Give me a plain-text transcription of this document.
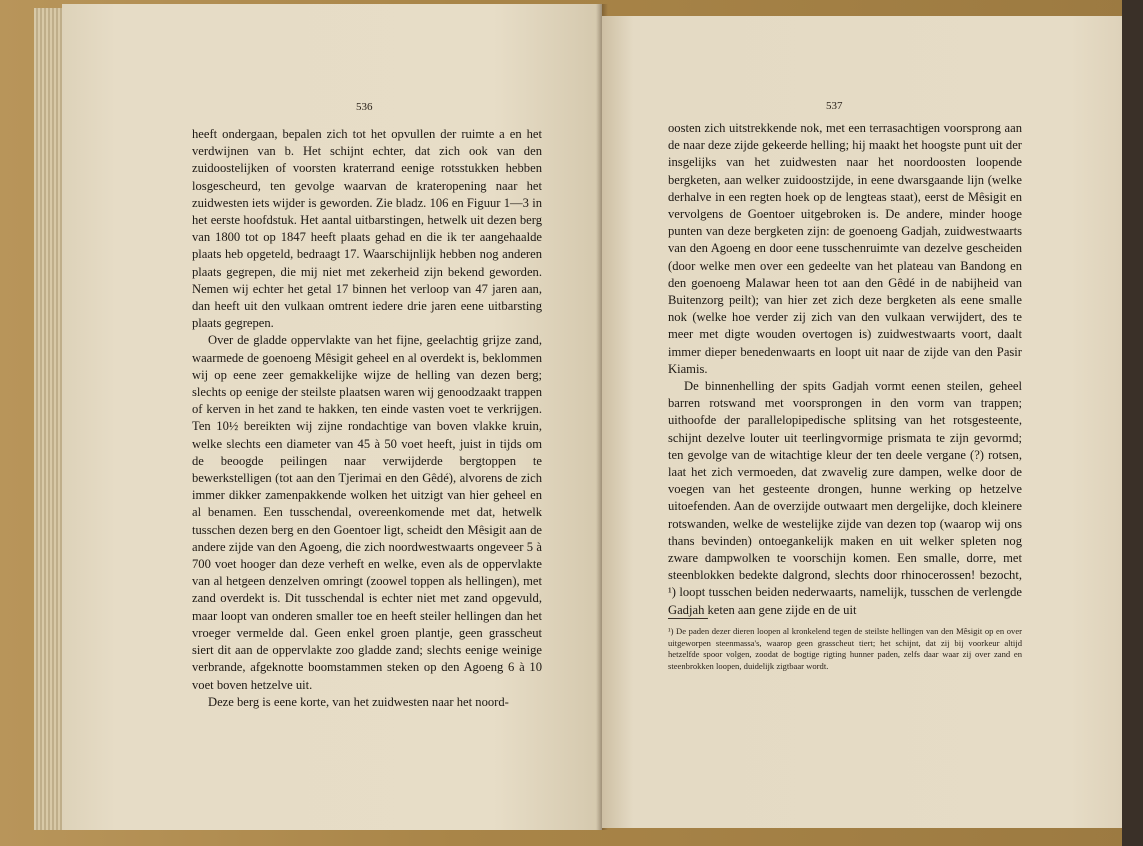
536

heeft ondergaan, bepalen zich tot het opvullen der ruimte a en het verdwijnen van b. Het schijnt echter, dat zich ook van den zuidoostelijken of voorsten kraterrand eenige rotsstukken hebben losgescheurd, ten gevolge waarvan de krateropening naar het zuidwesten iets wijder is geworden. Zie bladz. 106 en Figuur 1—3 in het eerste hoofdstuk. Het aantal uitbarstingen, hetwelk uit dezen berg van 1800 tot op 1847 heeft plaats gehad en die ik ter aangehaalde plaats heb opgeteld, bedraagt 17. Waarschijnlijk hebben nog anderen plaats gegrepen, die mij niet met zekerheid zijn bekend geworden. Nemen wij echter het getal 17 binnen het verloop van 47 jaren aan, dan heeft uit den vulkaan omtrent iedere drie jaren eene uitbarsting plaats gegrepen.

Over de gladde oppervlakte van het fijne, geelachtig grijze zand, waarmede de goenoeng Mêsigit geheel en al overdekt is, beklommen wij op eene zeer gemakkelijke wijze de helling van dezen berg; slechts op eenige der steilste plaatsen waren wij genoodzaakt trappen of kerven in het zand te hakken, ten einde vasten voet te verkrijgen. Ten 10½ bereikten wij zijne rondachtige van boven vlakke kruin, welke slechts een diameter van 45 à 50 voet heeft, juist in tijds om de beoogde peilingen naar verwijderde bergtoppen te bewerkstelligen (tot aan den Tjerimai en den Gêdé), alvorens de zich immer dikker zamenpakkende wolken het uitzigt van hier geheel en al benamen. Een tusschendal, overeenkomende met dat, hetwelk tusschen dezen berg en den Goentoer ligt, scheidt den Mêsigit aan de andere zijde van den Agoeng, die zich noordwestwaarts ongeveer 5 à 700 voet hooger dan deze verheft en welke, even als de oppervlakte van al hetgeen denzelven omringt (zoowel toppen als hellingen), met zand overdekt is. Dit tusschendal is echter niet met zand opgevuld, maar loopt van onderen smaller toe en heeft steiler hellingen dan het vroeger vermelde dal. Geen enkel groen plantje, geen grasscheut siert dit aan de oppervlakte zoo gladde zand; slechts eenige weinige verbrande, afgeknotte boomstammen steken op den Agoeng 6 à 10 voet boven hetzelve uit.

Deze berg is eene korte, van het zuidwesten naar het noord-

537

oosten zich uitstrekkende nok, met een terrasachtigen voorsprong aan de naar deze zijde gekeerde helling; hij maakt het hoogste punt uit der insgelijks van het zuidwesten naar het noordoosten loopende bergketen, aan welker zuidoostzijde, in eene dwarsgaande lijn (welke derhalve in een regten hoek op de lengteas staat), eerst de Mêsigit en vervolgens de Goentoer uitgebroken is. De andere, minder hooge punten van deze bergketen zijn: de goenoeng Gadjah, zuidwestwaarts van den Agoeng en door eene tusschenruimte van dezelve gescheiden (door welke men over een gedeelte van het plateau van Bandong en den goenoeng Malawar heen tot aan den Gêdé in de nabijheid van Buitenzorg peilt); van hier zet zich deze bergketen als eene smalle nok (welke hoe verder zij zich van den vulkaan verwijdert, des te meer met digte wouden overtogen is) zuidwestwaarts voort, daalt immer dieper benedenwaarts en loopt uit naar de zijde van den Pasir Kiamis.

De binnenhelling der spits Gadjah vormt eenen steilen, geheel barren rotswand met voorsprongen in den vorm van trappen; uithoofde der parallelopipedische splitsing van het rotsgesteente, schijnt dezelve louter uit teerlingvormige prismata te zijn gevormd; ten gevolge van de witachtige kleur der ten deele vergane (?) rotsen, laat het zich vermoeden, dat zwavelig zure dampen, welke door de voegen van het gesteente drongen, hunne werking op hetzelve uitoefenden. Aan de overzijde outwaart men dergelijke, doch kleinere rotswanden, welke de westelijke zijde van dezen top (waarop wij ons thans bevinden) ontoegankelijk maken en uit welker spleten nog zware dampwolken te voorschijn komen. Een smalle, dorre, met steenblokken bedekte dalgrond, slechts door rhinocerossen! bezocht, ¹) loopt tusschen beiden nederwaarts, namelijk, tusschen de verlengde Gadjah keten aan gene zijde en de uit

¹) De paden dezer dieren loopen al kronkelend tegen de steilste hellingen van den Mêsigit op en over uitgeworpen steenmassa's, waarop geen grasscheut tiert; het schijnt, dat zij bij voorkeur altijd hetzelfde spoor volgen, zoodat de bogtige rigting hunner paden, zelfs daar waar zij over zand en steenbrokken loopen, duidelijk zigtbaar wordt.
